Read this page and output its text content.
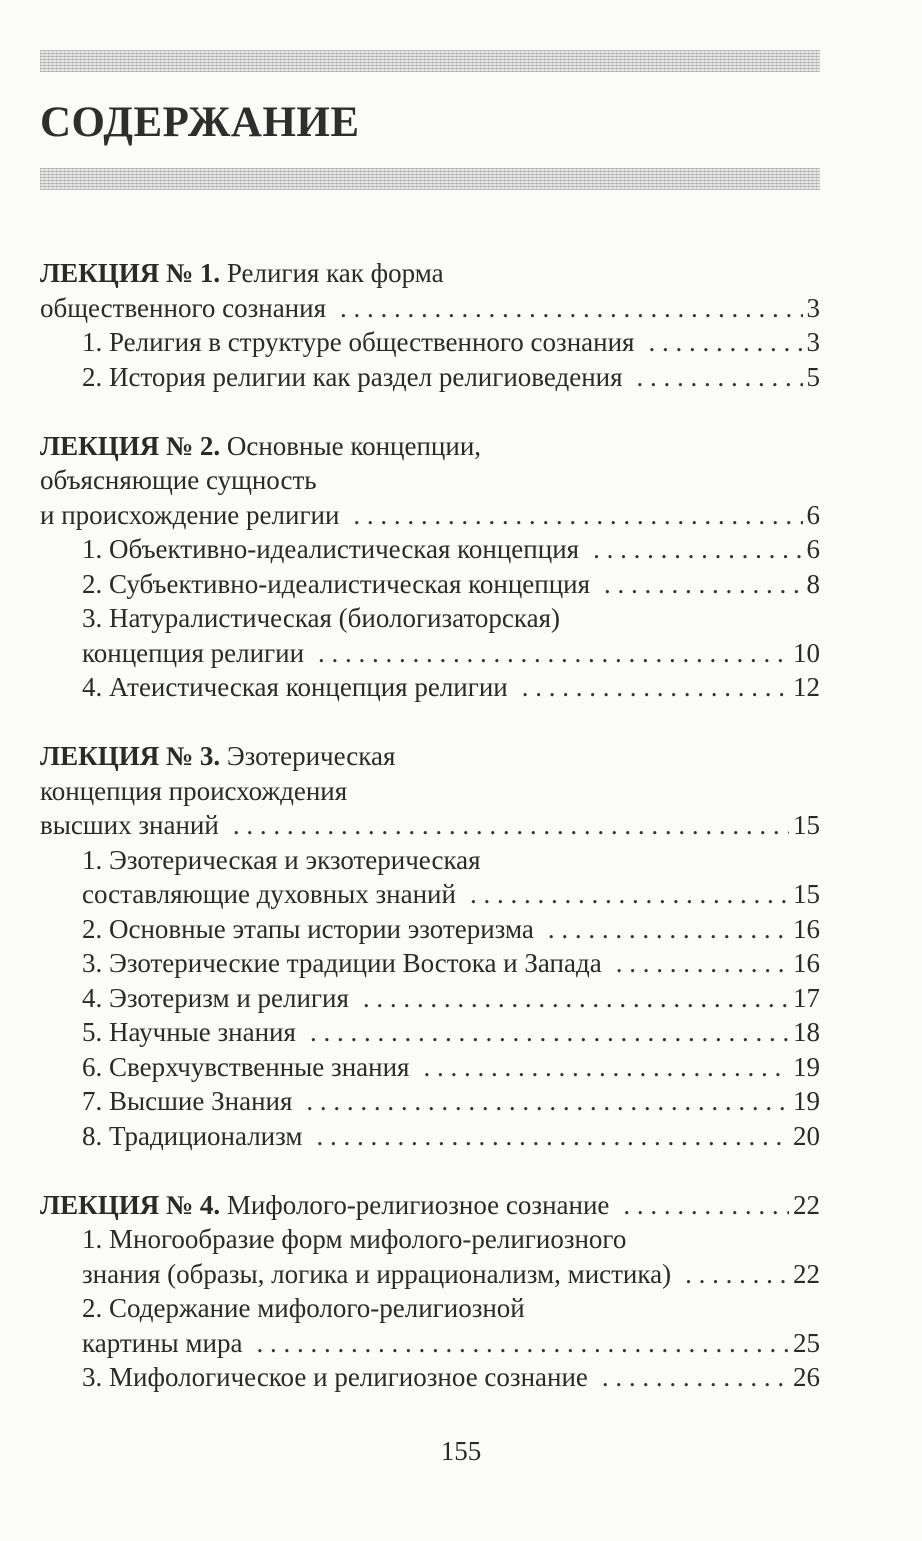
СОДЕРЖАНИЕ
ЛЕКЦИЯ № 1. Религия как форма
общественного сознания . . .	3
1. Религия в структуре общественного сознания . . .	3
2. История религии как раздел религиоведения . . .	5
ЛЕКЦИЯ № 2. Основные концепции,
объясняющие сущность
и происхождение религии . . .	6
1. Объективно-идеалистическая концепция . . .	6
2. Субъективно-идеалистическая концепция . . .	8
3. Натуралистическая (биологизаторская)
концепция религии . . .	10
4. Атеистическая концепция религии . . .	12
ЛЕКЦИЯ № 3. Эзотерическая
концепция происхождения
высших знаний . . .	15
1. Эзотерическая и экзотерическая
составляющие духовных знаний . . .	15
2. Основные этапы истории эзотеризма . . .	16
3. Эзотерические традиции Востока и Запада . . .	16
4. Эзотеризм и религия . . .	17
5. Научные знания . . .	18
6. Сверхчувственные знания . . .	19
7. Высшие Знания . . .	19
8. Традиционализм . . .	20
ЛЕКЦИЯ № 4. Мифолого-религиозное сознание . . .	22
1. Многообразие форм мифолого-религиозного
знания (образы, логика и иррационализм, мистика) . . .	22
2. Содержание мифолого-религиозной
картины мира . . .	25
3. Мифологическое и религиозное сознание . . .	26
155
